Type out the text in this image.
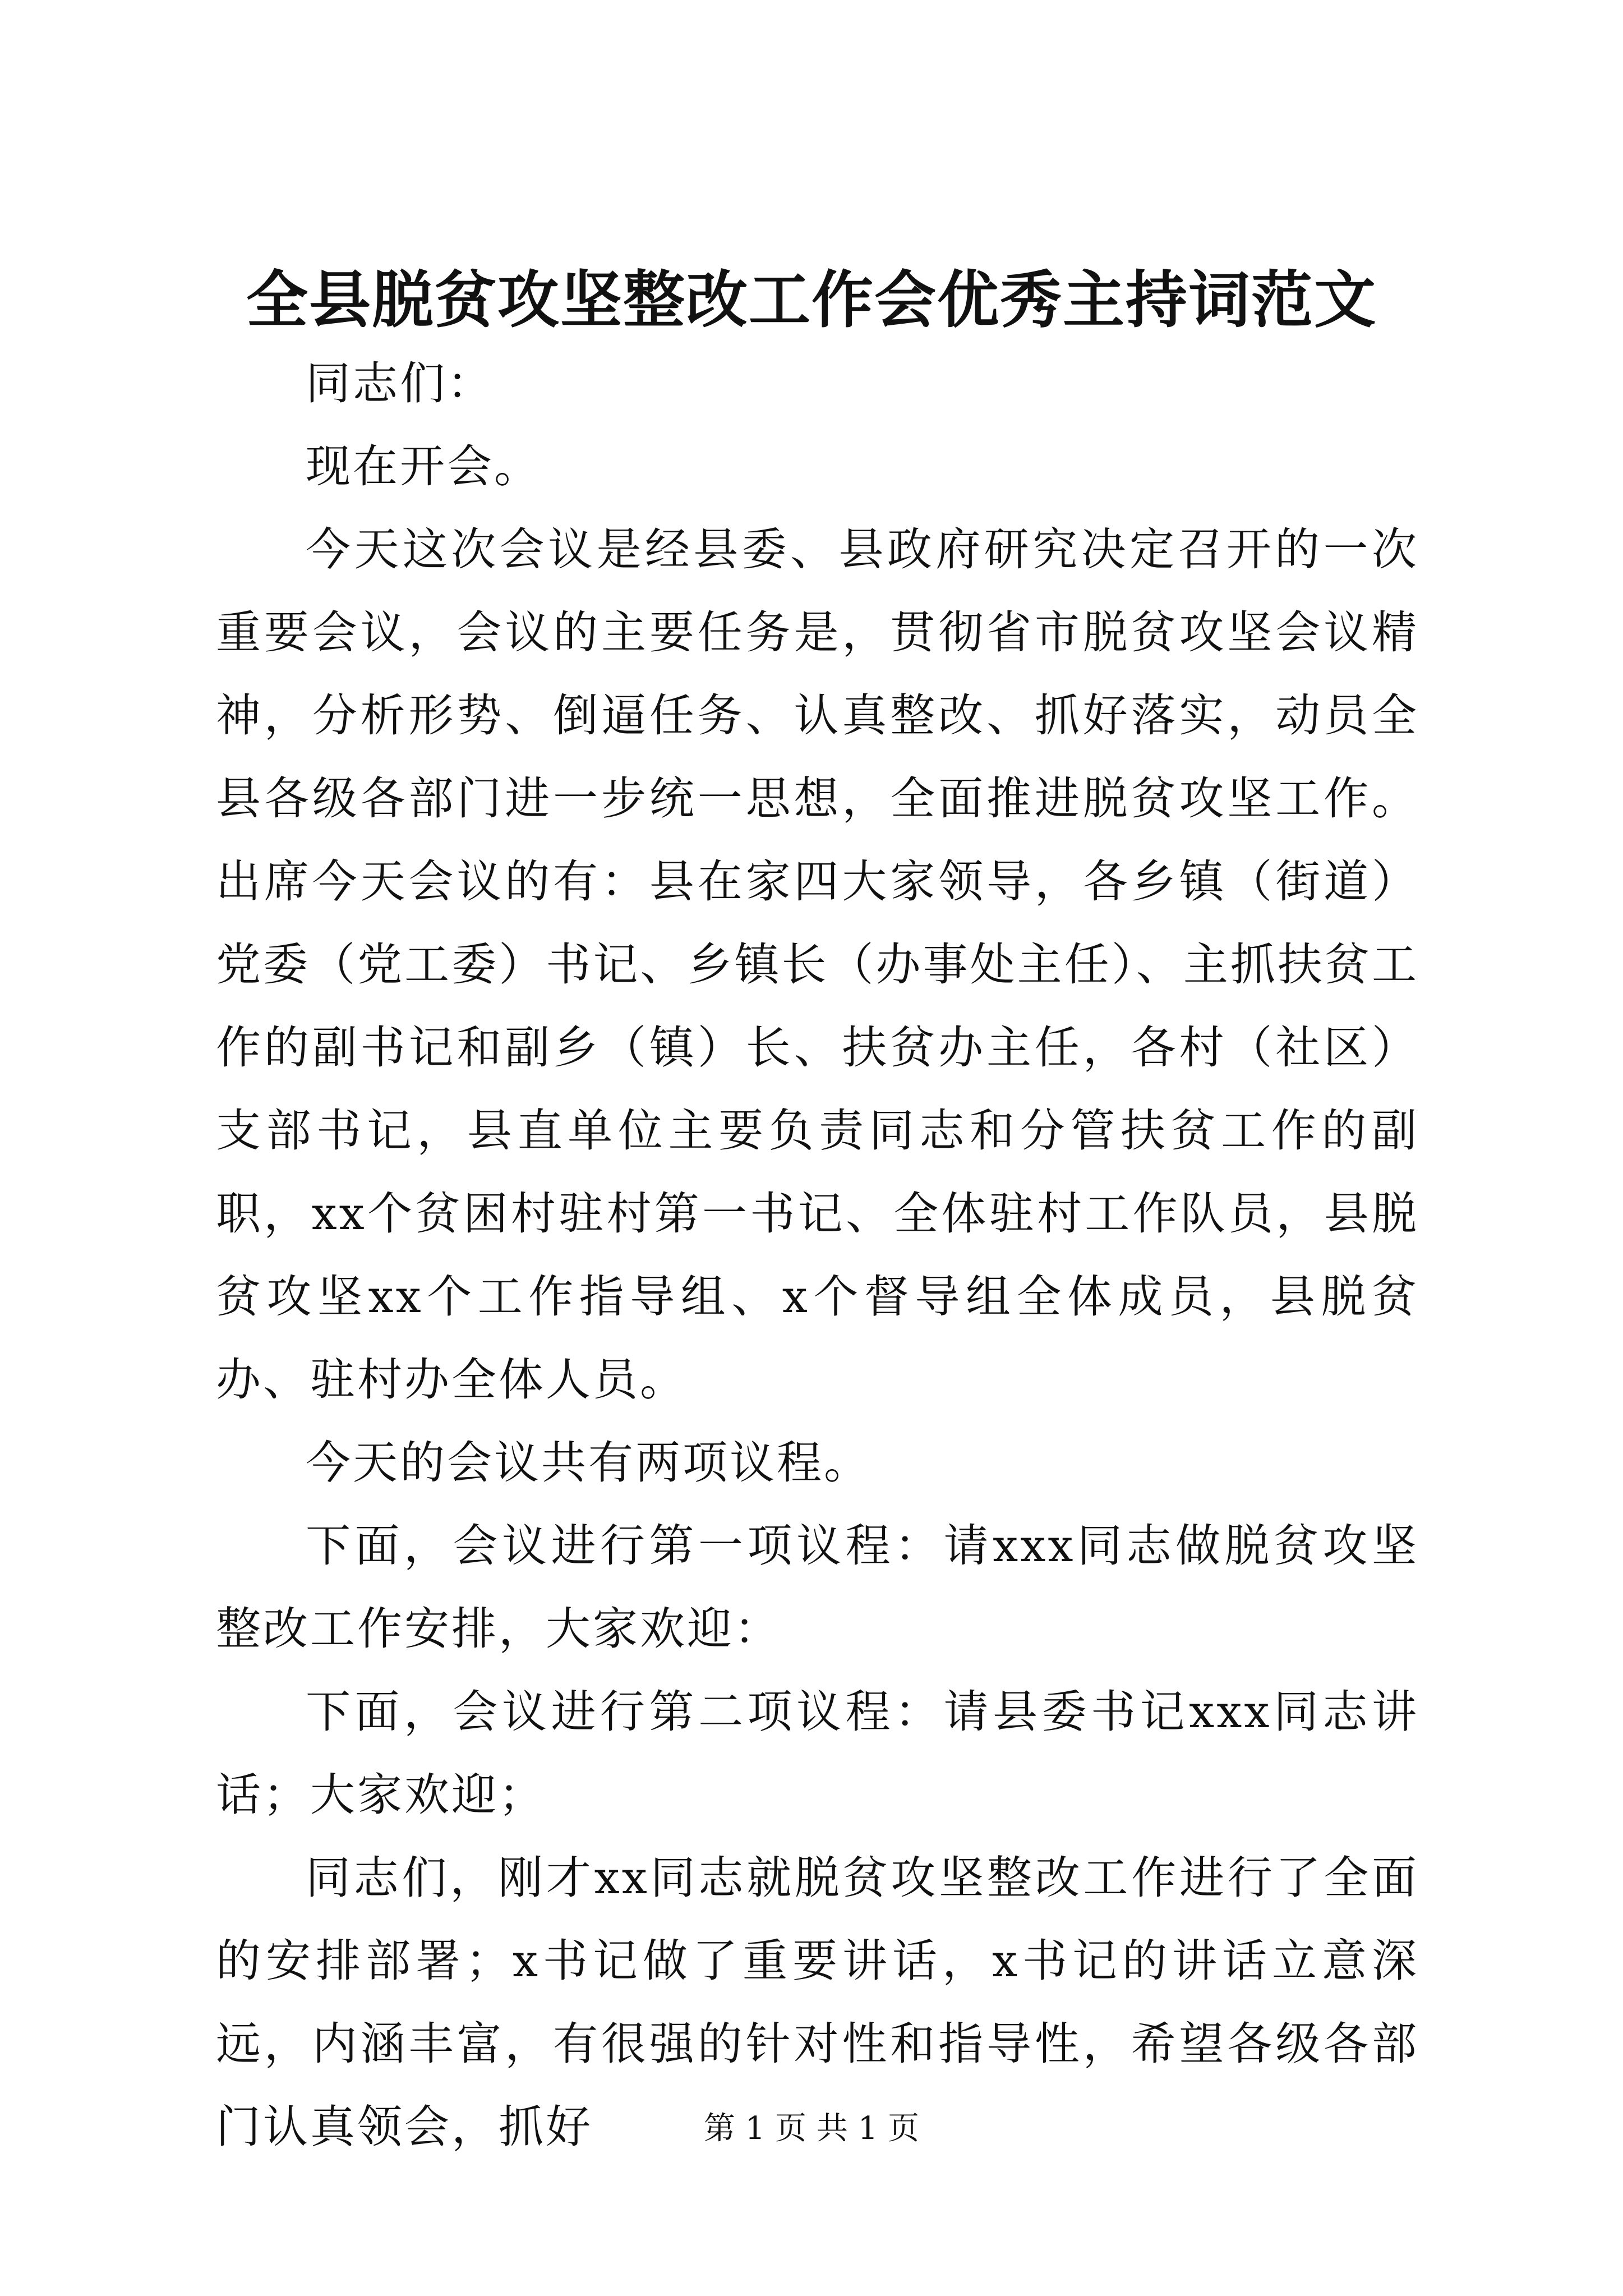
全县脱贫攻坚整改工作会优秀主持词范文

同志们：

现在开会。

今天这次会议是经县委、县政府研究决定召开的一次重要会议，会议的主要任务是，贯彻省市脱贫攻坚会议精神，分析形势、倒逼任务、认真整改、抓好落实，动员全县各级各部门进一步统一思想，全面推进脱贫攻坚工作。出席今天会议的有：县在家四大家领导，各乡镇（街道）党委（党工委）书记、乡镇长（办事处主任）、主抓扶贫工作的副书记和副乡（镇）长、扶贫办主任，各村（社区）支部书记，县直单位主要负责同志和分管扶贫工作的副职，xx个贫困村驻村第一书记、全体驻村工作队员，县脱贫攻坚xx个工作指导组、x个督导组全体成员，县脱贫办、驻村办全体人员。

今天的会议共有两项议程。

下面，会议进行第一项议程：请xxx同志做脱贫攻坚整改工作安排，大家欢迎：

下面，会议进行第二项议程：请县委书记xxx同志讲话；大家欢迎；

同志们，刚才xx同志就脱贫攻坚整改工作进行了全面的安排部署；x书记做了重要讲话，x书记的讲话立意深远，内涵丰富，有很强的针对性和指导性，希望各级各部门认真领会，抓好	第 1 页 共 1 页
